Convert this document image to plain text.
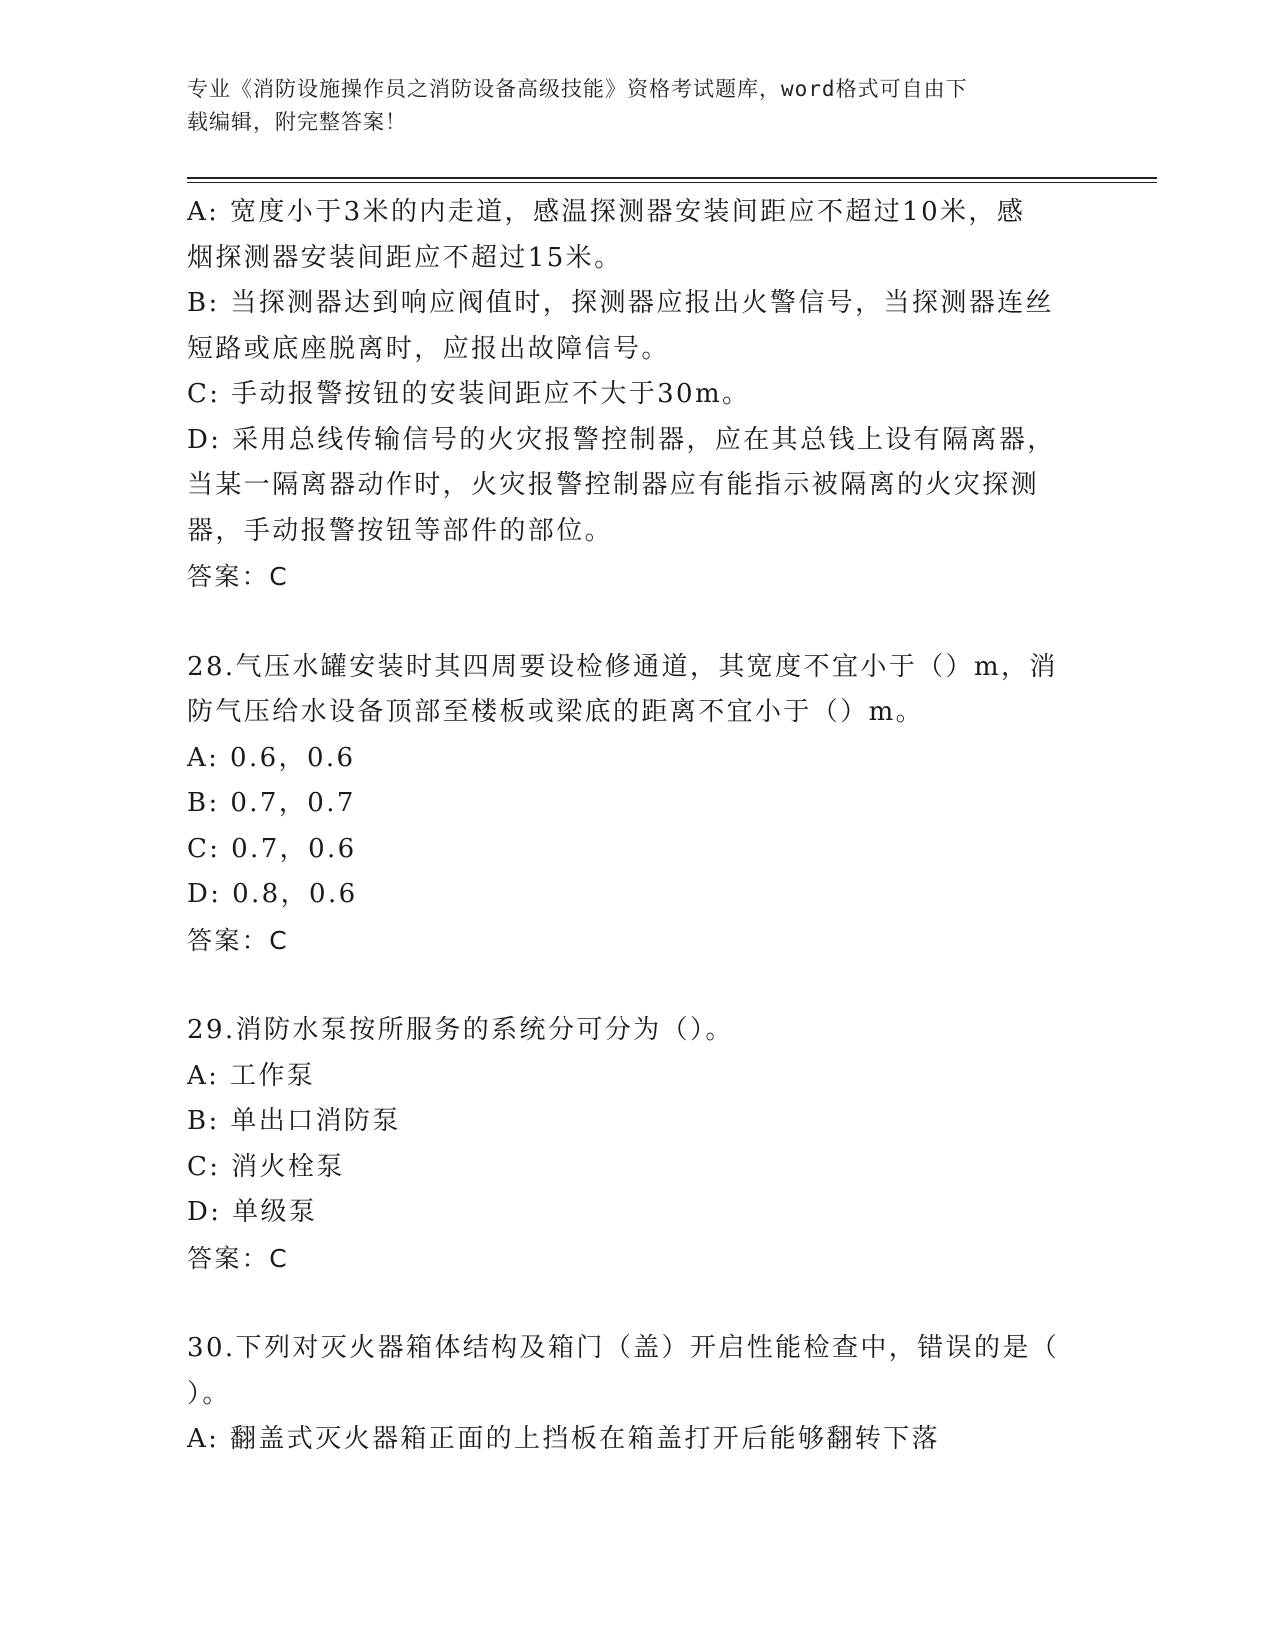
专业《消防设施操作员之消防设备高级技能》资格考试题库，word格式可自由下
载编辑，附完整答案！

A: 宽度小于3米的内走道，感温探测器安装间距应不超过10米，感

烟探测器安装间距应不超过15米。

B: 当探测器达到响应阀值时，探测器应报出火警信号，当探测器连丝

短路或底座脱离时，应报出故障信号。

C: 手动报警按钮的安装间距应不大于30m。

D: 采用总线传输信号的火灾报警控制器，应在其总钱上设有隔离器，

当某一隔离器动作时，火灾报警控制器应有能指示被隔离的火灾探测

器，手动报警按钮等部件的部位。

答案：C

28.气压水罐安装时其四周要设检修通道，其宽度不宜小于（）m，消

防气压给水设备顶部至楼板或梁底的距离不宜小于（）m。

A: 0.6，0.6

B: 0.7，0.7

C: 0.7，0.6

D: 0.8，0.6

答案：C

29.消防水泵按所服务的系统分可分为（）。

A: 工作泵

B: 单出口消防泵

C: 消火栓泵

D: 单级泵

答案：C

30.下列对灭火器箱体结构及箱门（盖）开启性能检查中，错误的是（

）。

A: 翻盖式灭火器箱正面的上挡板在箱盖打开后能够翻转下落
